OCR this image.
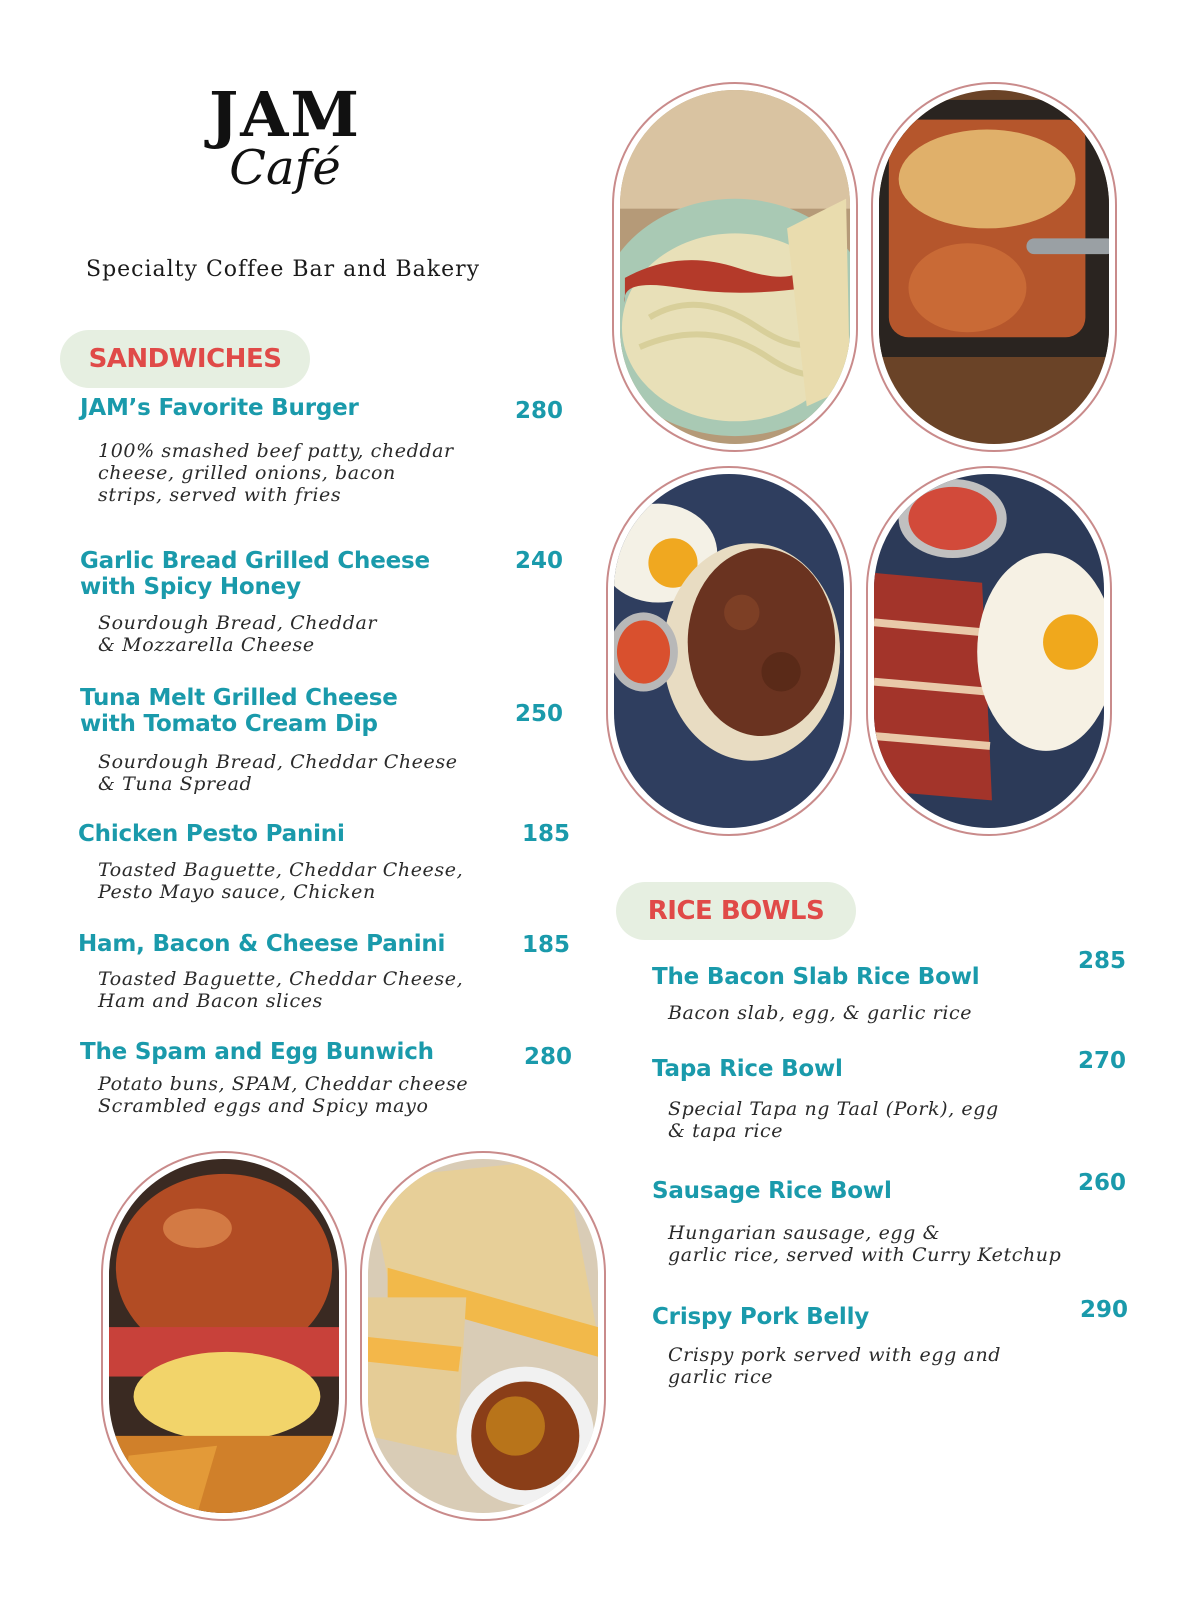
JAM
Café
Specialty Coffee Bar and Bakery
SANDWICHES
JAM’s Favorite Burger	280
100% smashed beef patty, cheddar
cheese, grilled onions, bacon
strips, served with fries
Garlic Bread Grilled Cheese
with Spicy Honey
240
Sourdough Bread, Cheddar
& Mozzarella Cheese
Tuna Melt Grilled Cheese
with Tomato Cream Dip	250
Sourdough Bread, Cheddar Cheese
& Tuna Spread
Chicken Pesto Panini	185
Toasted Baguette, Cheddar Cheese,
Pesto Mayo sauce, Chicken
Ham, Bacon & Cheese Panini	185
Toasted Baguette, Cheddar Cheese,
Ham and Bacon slices
The Spam and Egg Bunwich	280
Potato buns, SPAM, Cheddar cheese
Scrambled eggs and Spicy mayo
RICE BOWLS
The Bacon Slab Rice Bowl
285
Bacon slab, egg, & garlic rice
Tapa Rice Bowl	270
Special Tapa ng Taal (Pork), egg
& tapa rice
Sausage Rice Bowl	260
Hungarian sausage, egg &
garlic rice, served with Curry Ketchup
Crispy Pork Belly	290
Crispy pork served with egg and
garlic rice
